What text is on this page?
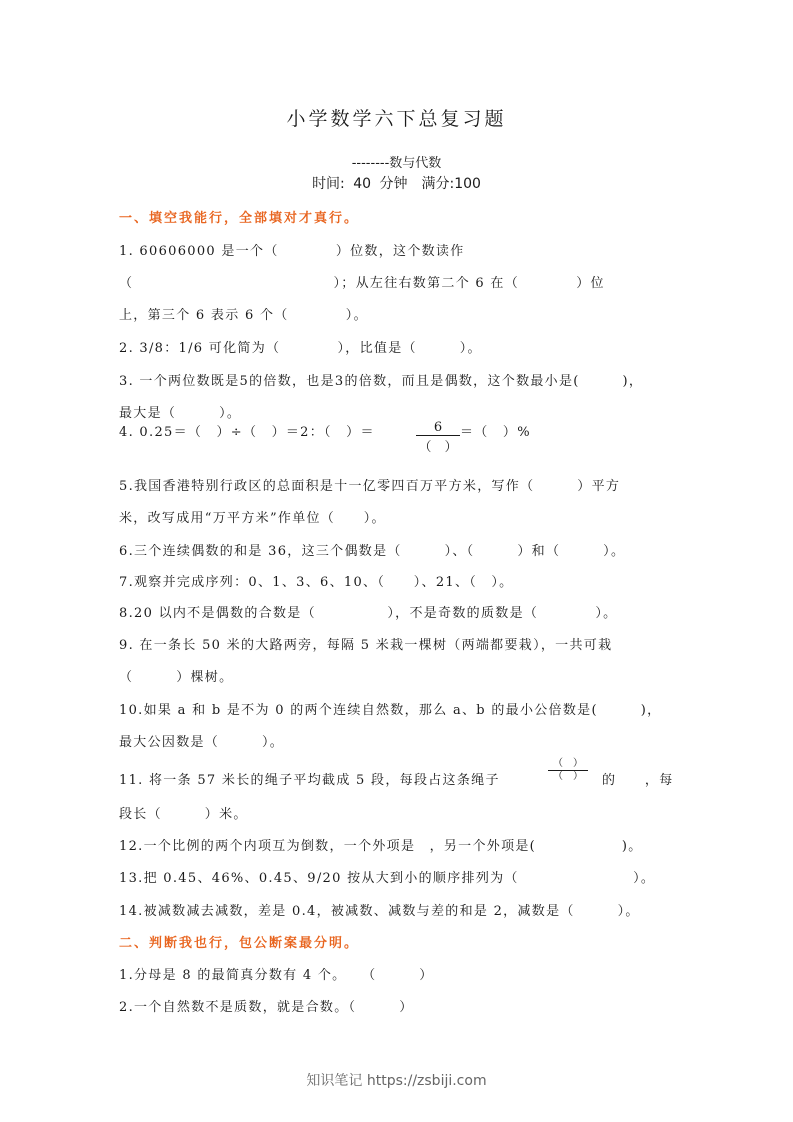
小学数学六下总复习题
--------数与代数
时间: 40 分钟　满分:100
一、填空我能行，全部填对才真行。
1. 60606000 是一个（　　　　）位数，这个数读作
（　　　　　　　　　　　　　　）；从左往右数第二个 6 在（　　　　）位
上，第三个 6 表示 6 个（　　　　）。
2. 3/8：1/6 可化简为（　　　　），比值是（　　　）。
3. 一个两位数既是5的倍数，也是3的倍数，而且是偶数，这个数最小是(　　　)，
最大是（　　　）。
4. 0.25＝（　）÷（　）＝2：（　）＝	6
（　）
＝（　）%
5.我国香港特别行政区的总面积是十一亿零四百万平方米，写作（　　　）平方
米，改写成用“万平方米”作单位（　　）。
6.三个连续偶数的和是 36，这三个偶数是（　　　）、（　　　）和（　　　）。
7.观察并完成序列：0、1、3、6、10、（　　）、21、（　）。
8.20 以内不是偶数的合数是（　　　　　），不是奇数的质数是（　　　　）。
9. 在一条长 50 米的大路两旁，每隔 5 米栽一棵树（两端都要栽），一共可栽
（　　　）棵树。
10.如果 a 和 b 是不为 0 的两个连续自然数，那么 a、b 的最小公倍数是(　　　)，
最大公因数是（　　　）。
11. 将一条 57 米长的绳子平均截成 5 段，每段占这条绳子
（　）
（　）	的　　，每
段长（　　　）米。
12.一个比例的两个内项互为倒数，一个外项是　，另一个外项是(　　　　　　)。
13.把 0.45、46%、0.45、9/20 按从大到小的顺序排列为（　　　　　　　　）。
14.被减数减去减数，差是 0.4，被减数、减数与差的和是 2，减数是（　　　）。
二、判断我也行，包公断案最分明。
1.分母是 8 的最简真分数有 4 个。　　（　　　）
2.一个自然数不是质数，就是合数。（　　　）
知识笔记 https://zsbiji.com
